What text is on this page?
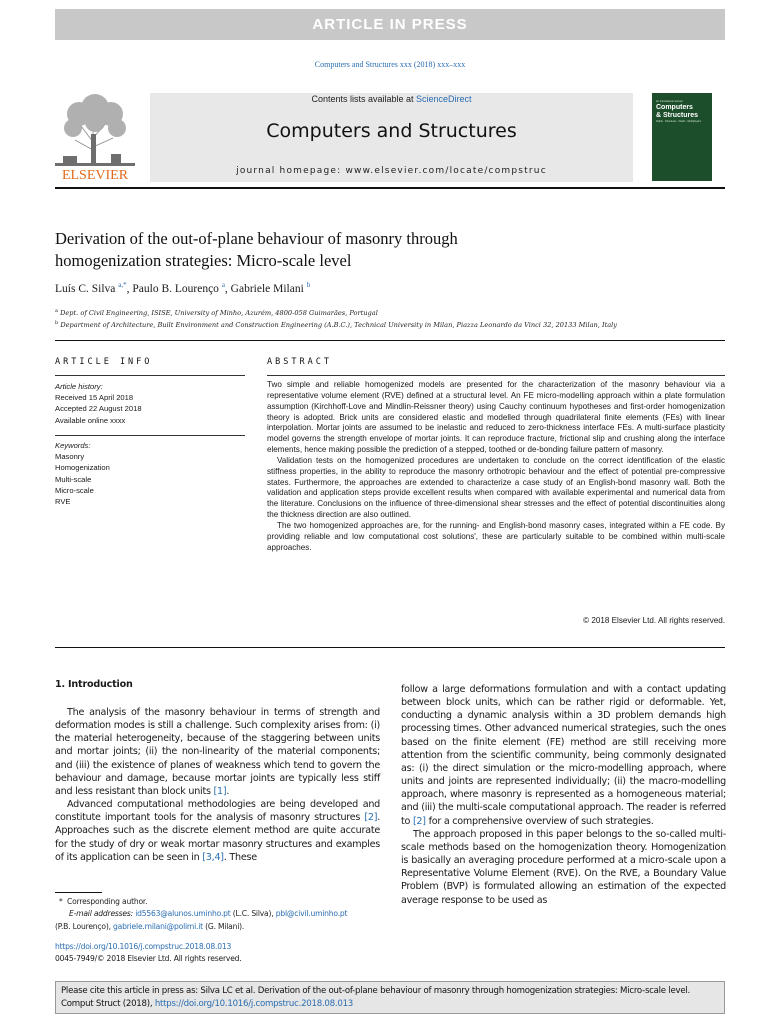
ARTICLE IN PRESS
Computers and Structures xxx (2018) xxx–xxx
ELSEVIER
Contents lists available at ScienceDirect
Computers and Structures
journal homepage: www.elsevier.com/locate/compstruc
An International Journal
Computers
& Structures
Solids · Structures · Fluids · Multiphysics
Derivation of the out-of-plane behaviour of masonry through
homogenization strategies: Micro-scale level
Luís C. Silva $^{a,*}$, Paulo B. Lourenço $^a$, Gabriele Milani $^b$
$^a$ Dept. of Civil Engineering, ISISE, University of Minho, Azurém, 4800-058 Guimarães, Portugal
$^b$ Department of Architecture, Built Environment and Construction Engineering (A.B.C.), Technical University in Milan, Piazza Leonardo da Vinci 32, 20133 Milan, Italy
ARTICLE INFO
Article history:
Received 15 April 2018
Accepted 22 August 2018
Available online xxxx
Keywords:
Masonry
Homogenization
Multi-scale
Micro-scale
RVE
ABSTRACT

Two simple and reliable homogenized models are presented for the characterization of the masonry behaviour via a representative volume element (RVE) defined at a structural level. An FE micro-modelling approach within a plate formulation assumption (Kirchhoff-Love and Mindlin-Reissner theory) using Cauchy continuum hypotheses and first-order homogenization theory is adopted. Brick units are considered elastic and modelled through quadrilateral finite elements (FEs) with linear interpolation. Mortar joints are assumed to be inelastic and reduced to zero-thickness interface FEs. A multi-surface plasticity model governs the strength envelope of mortar joints. It can reproduce fracture, frictional slip and crushing along the interface elements, hence making possible the prediction of a stepped, toothed or de-bonding failure pattern of masonry.

Validation tests on the homogenized procedures are undertaken to conclude on the correct identification of the elastic stiffness properties, in the ability to reproduce the masonry orthotropic behaviour and the effect of potential pre-compressive states. Furthermore, the approaches are extended to characterize a case study of an English-bond masonry wall. Both the validation and application steps provide excellent results when compared with available experimental and numerical data from the literature. Conclusions on the influence of three-dimensional shear stresses and the effect of potential discontinuities along the thickness direction are also outlined.

The two homogenized approaches are, for the running- and English-bond masonry cases, integrated within a FE code. By providing reliable and low computational cost solutions', these are particularly suitable to be combined within multi-scale approaches.

© 2018 Elsevier Ltd. All rights reserved.
1. Introduction

The analysis of the masonry behaviour in terms of strength and deformation modes is still a challenge. Such complexity arises from: (i) the material heterogeneity, because of the staggering between units and mortar joints; (ii) the non-linearity of the material components; and (iii) the existence of planes of weakness which tend to govern the behaviour and damage, because mortar joints are typically less stiff and less resistant than block units [1].

Advanced computational methodologies are being developed and constitute important tools for the analysis of masonry structures [2]. Approaches such as the discrete element method are quite accurate for the study of dry or weak mortar masonry structures and examples of its application can be seen in [3,4]. These

follow a large deformations formulation and with a contact updating between block units, which can be rather rigid or deformable. Yet, conducting a dynamic analysis within a 3D problem demands high processing times. Other advanced numerical strategies, such the ones based on the finite element (FE) method are still receiving more attention from the scientific community, being commonly designated as: (i) the direct simulation or the micro-modelling approach, where units and joints are represented individually; (ii) the macro-modelling approach, where masonry is represented as a homogeneous material; and (iii) the multi-scale computational approach. The reader is referred to [2] for a comprehensive overview of such strategies.

The approach proposed in this paper belongs to the so-called multi-scale methods based on the homogenization theory. Homogenization is basically an averaging procedure performed at a micro-scale upon a Representative Volume Element (RVE). On the RVE, a Boundary Value Problem (BVP) is formulated allowing an estimation of the expected average response to be used as

*  Corresponding author.
E-mail addresses: id5563@alunos.uminho.pt (L.C. Silva), pbl@civil.uminho.pt
(P.B. Lourenço), gabriele.milani@polimi.it (G. Milani).
https://doi.org/10.1016/j.compstruc.2018.08.013
0045-7949/© 2018 Elsevier Ltd. All rights reserved.
Please cite this article in press as: Silva LC et al. Derivation of the out-of-plane behaviour of masonry through homogenization strategies: Micro-scale level.
Comput Struct (2018), https://doi.org/10.1016/j.compstruc.2018.08.013
